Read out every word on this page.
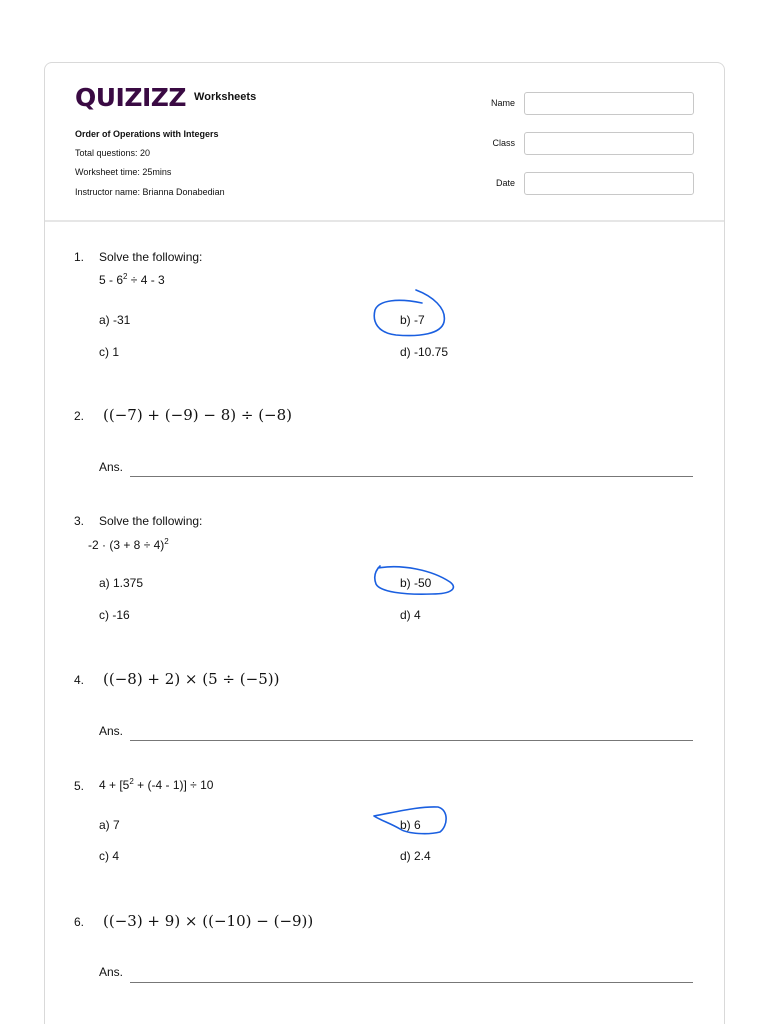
QUIZIZZ Worksheets
Order of Operations with Integers
Total questions: 20
Worksheet time: 25mins
Instructor name: Brianna Donabedian
Name
Class
Date
1. Solve the following:
$5 - 6^2 \div 4 - 3$
a) -31	b) -7
c) 1	d) -10.75
2. ((−7) + (−9) − 8) ÷ (−8)
Ans.
3. Solve the following:
$-2 \cdot (3 + 8 \div 4)^2$
a) 1.375	b) -50
c) -16	d) 4
4. ((−8) + 2) × (5 ÷ (−5))
Ans.
5. $4 + [5^2 + (-4 - 1)] \div 10$
a) 7	b) 6
c) 4	d) 2.4
6. ((−3) + 9) × ((−10) − (−9))
Ans.
